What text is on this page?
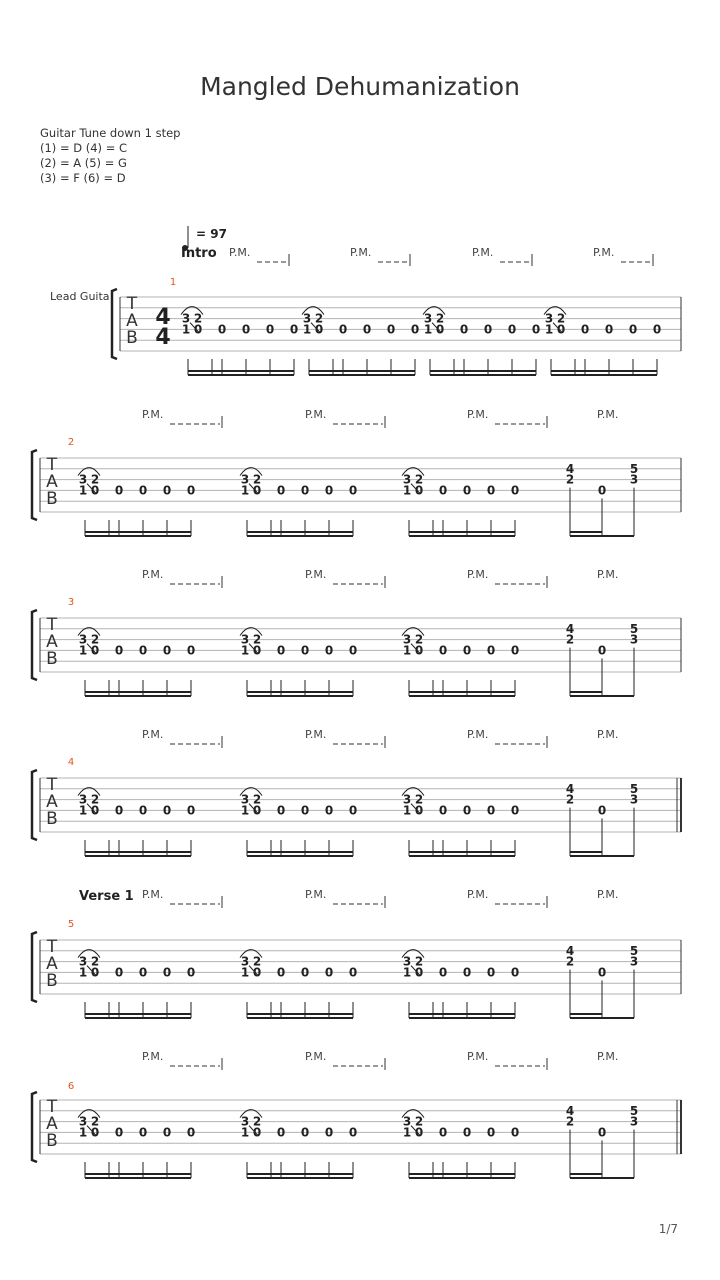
Mangled Dehumanization
Guitar Tune down 1 step
(1) = D (4) = C
(2) = A (5) = G
(3) = F (6) = D
= 97
Intro
Lead Guita
1
T
A
B
4
4
P.M.
3 2
1 0 0 0 0 0
P.M.
3 2
1 0 0 0 0 0
P.M.
3 2
1 0 0 0 0 0
P.M.
3 2
1 0 0 0 0 0
T
A
B
2
P.M.	P.M.	P.M.	P.M.
3 2
1 0 0 0 0 0
3 2
1 0 0 0 0 0
3 2
1 0 0 0 0 0
4
2
0
5
3
T
A
B
3
P.M.	P.M.	P.M.	P.M.
3 2
1 0 0 0 0 0
3 2
1 0 0 0 0 0
3 2
1 0 0 0 0 0
4
2
0
5
3
T
A
B
4
P.M.	P.M.	P.M.	P.M.
3 2
1 0 0 0 0 0
3 2
1 0 0 0 0 0
3 2
1 0 0 0 0 0
4
2
0
5
3
T
A
B
5
Verse 1 P.M.	P.M.	P.M.	P.M.
3 2
1 0 0 0 0 0
3 2
1 0 0 0 0 0
3 2
1 0 0 0 0 0
4
2
0
5
3
T
A
B
6
P.M.	P.M.	P.M.	P.M.
3 2
1 0 0 0 0 0
3 2
1 0 0 0 0 0
3 2
1 0 0 0 0 0
4
2
0
5
3
1/7
